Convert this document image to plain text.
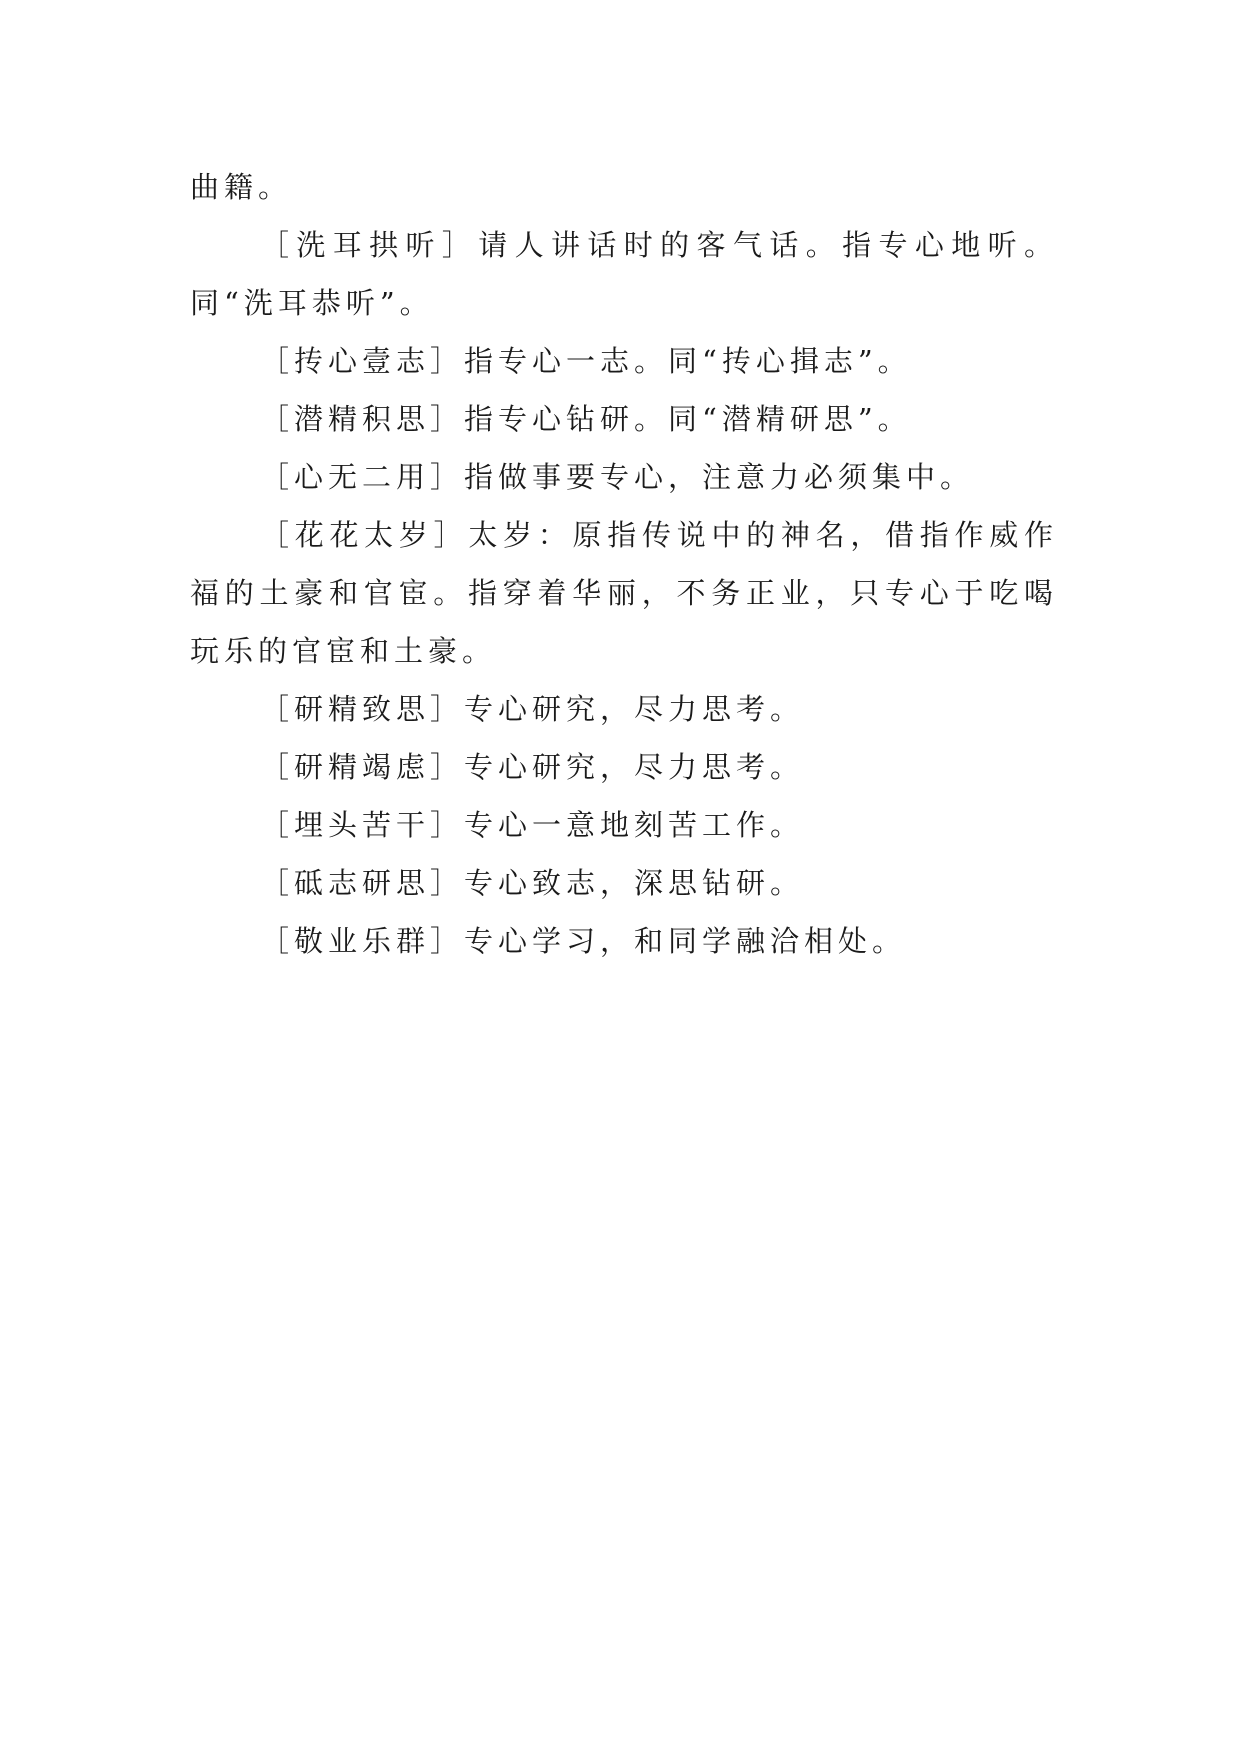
曲籍。

［洗耳拱听］请人讲话时的客气话。指专心地听。同“洗耳恭听”。

［抟心壹志］指专心一志。同“抟心揖志”。

［潜精积思］指专心钻研。同“潜精研思”。

［心无二用］指做事要专心，注意力必须集中。

［花花太岁］太岁：原指传说中的神名，借指作威作福的土豪和官宦。指穿着华丽，不务正业，只专心于吃喝玩乐的官宦和土豪。

［研精致思］专心研究，尽力思考。

［研精竭虑］专心研究，尽力思考。

［埋头苦干］专心一意地刻苦工作。

［砥志研思］专心致志，深思钻研。

［敬业乐群］专心学习，和同学融洽相处。
